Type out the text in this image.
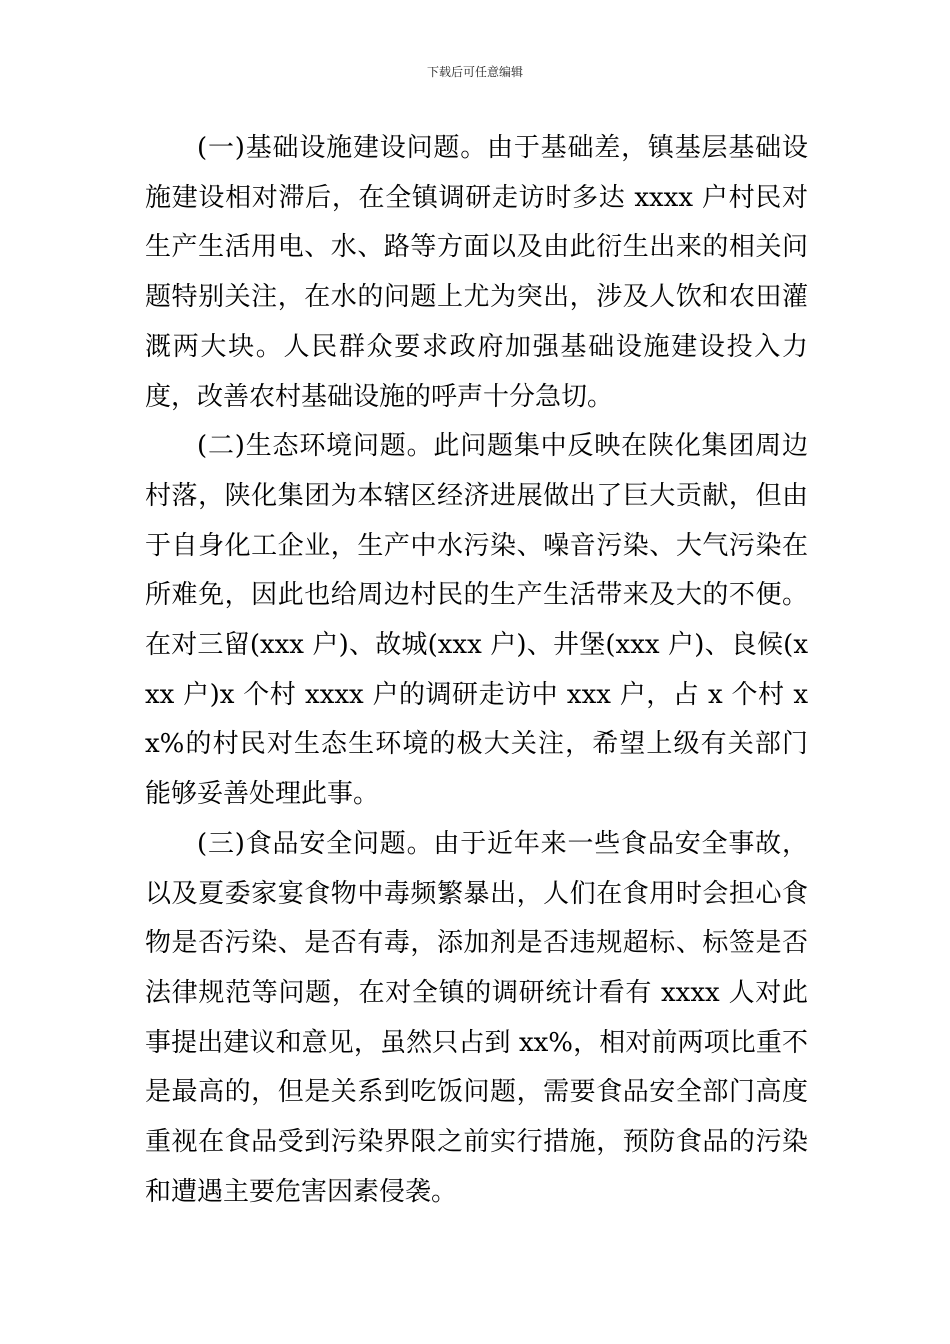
下载后可任意编辑

(一)基础设施建设问题。由于基础差，镇基层基础设施建设相对滞后，在全镇调研走访时多达 xxxx 户村民对生产生活用电、水、路等方面以及由此衍生出来的相关问题特别关注，在水的问题上尤为突出，涉及人饮和农田灌溉两大块。人民群众要求政府加强基础设施建设投入力度，改善农村基础设施的呼声十分急切。

(二)生态环境问题。此问题集中反映在陕化集团周边村落，陕化集团为本辖区经济进展做出了巨大贡献，但由于自身化工企业，生产中水污染、噪音污染、大气污染在所难免，因此也给周边村民的生产生活带来及大的不便。在对三留(xxx 户)、故城(xxx 户)、井堡(xxx 户)、良候(xxx 户)x 个村 xxxx 户的调研走访中 xxx 户，占 x 个村 xx%的村民对生态生环境的极大关注，希望上级有关部门能够妥善处理此事。

(三)食品安全问题。由于近年来一些食品安全事故，以及夏委家宴食物中毒频繁暴出，人们在食用时会担心食物是否污染、是否有毒，添加剂是否违规超标、标签是否法律规范等问题，在对全镇的调研统计看有 xxxx 人对此事提出建议和意见，虽然只占到 xx%，相对前两项比重不是最高的，但是关系到吃饭问题，需要食品安全部门高度重视在食品受到污染界限之前实行措施，预防食品的污染和遭遇主要危害因素侵袭。
